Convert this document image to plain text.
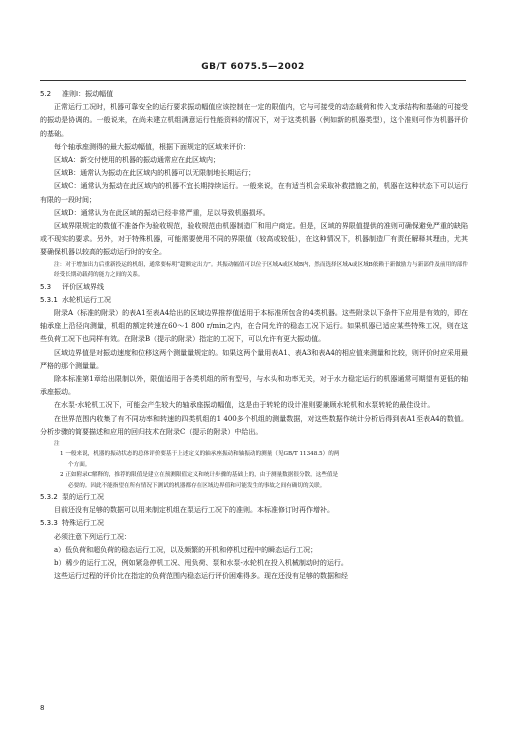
GB/T 6075.5—2002

5.2 准则Ⅰ：振动幅值

正常运行工况时，机器可靠安全的运行要求振动幅值应该控制在一定的限值内，它与可接受的动态载荷和传入支承结构和基础的可接受的振动是协调的。一般说来，在尚未建立机组满意运行性能资料的情况下，对于这类机器（例如新的机器类型），这个准则可作为机器评价的基础。

每个轴承座测得的最大振动幅值，根据下面规定的区域来评价：

区域A：新交付使用的机器的振动通常应在此区域内；

区域B：通常认为振动在此区域内的机器可以无限制地长期运行；

区域C：通常认为振动在此区域内的机器不宜长期持续运行。一般来说，在有适当机会采取补救措施之前，机器在这种状态下可以运行有限的一段时间；

区域D：通常认为在此区域的振动已经非常严重，足以导致机器损坏。

区域界限规定的数值不准备作为验收规范，验收规范由机器制造厂和用户商定。但是，区域的界限值提供的准则可确保避免严重的缺陷或不现实的要求。另外，对于特殊机器，可能需要使用不同的界限值（较高或较低），在这种情况下，机器制造厂有责任解释其理由，尤其要确保机器以较高的振动运行时的安全。

注：对于增加出力后重新投运的机组，通常要标明“超额定出力”。其振动幅值可以位于区域A或区域B内，然而选择区域A或区域B依赖于新做励力与新部件及前用的部件经受长期动载荷的能力之间的关系。

5.3 评价区域界线

5.3.1 水轮机运行工况

附录A（标准的附录）的表A1至表A4给出的区域边界推荐值适用于本标准所包含的4类机器。这些附录以下条件下应用是有效的，即在轴承座上沿径向测量，机组的额定转速在60～1 800 r/min之内，在合同允许的稳态工况下运行。如果机器已适应某些特殊工况，则在这些负荷工况下也同样有效。在附录B（提示的附录）指定的工况下，可以允许有更大振动值。

区域边界值是对振动速度和位移这两个测量量规定的。如果这两个量用表A1、表A3和表A4的相应值来测量和比较，则评价时应采用最严格的那个测量量。

除本标准第1章给出限制以外，限值适用于各类机组的所有型号，与水头和功率无关，对于水力稳定运行的机器通常可期望有更低的轴承座振动。

在水泵-水轮机工况下，可能会产生较大的轴承座振动幅值，这是由于转轮的设计准则要兼顾水轮机和水泵转轮的最佳设计。

在世界范围内收集了有不同功率和转速的四类机组的1 400多个机组的测量数据，对这些数据作统计分析后得到表A1至表A4的数值。分析步骤的简要描述和应用的回归技术在附录C（提示的附录）中给出。

注

1 一般来说，机器的振动状态的总体评价要基于上述定义的轴承座振动和轴振动的测量（见GB/T 11348.5）的两

个方面。

2 正如附录C解释的，推荐的限值是建立在预测限值定义和统计步骤的基础上的，由于测量数据很分散，这些值是

必要的。因此不能指望在所有情况下测试的机器都存在区域边界值和可能发生的事故之间有确切的关联。

5.3.2 泵的运行工况

目前还没有足够的数据可以用来制定机组在泵运行工况下的准则。本标准修订时再作增补。

5.3.3 特殊运行工况

必须注意下列运行工况：

a）低负荷和超负荷的稳态运行工况，以及频繁的开机和停机过程中的瞬态运行工况；

b）稀少的运行工况，例如紧急停机工况、甩负荷、泵和水泵-水轮机在投入机械制动时的运行。

这些运行过程的评价比在指定的负荷范围内稳态运行评价困难得多。现在还没有足够的数据和经

8
